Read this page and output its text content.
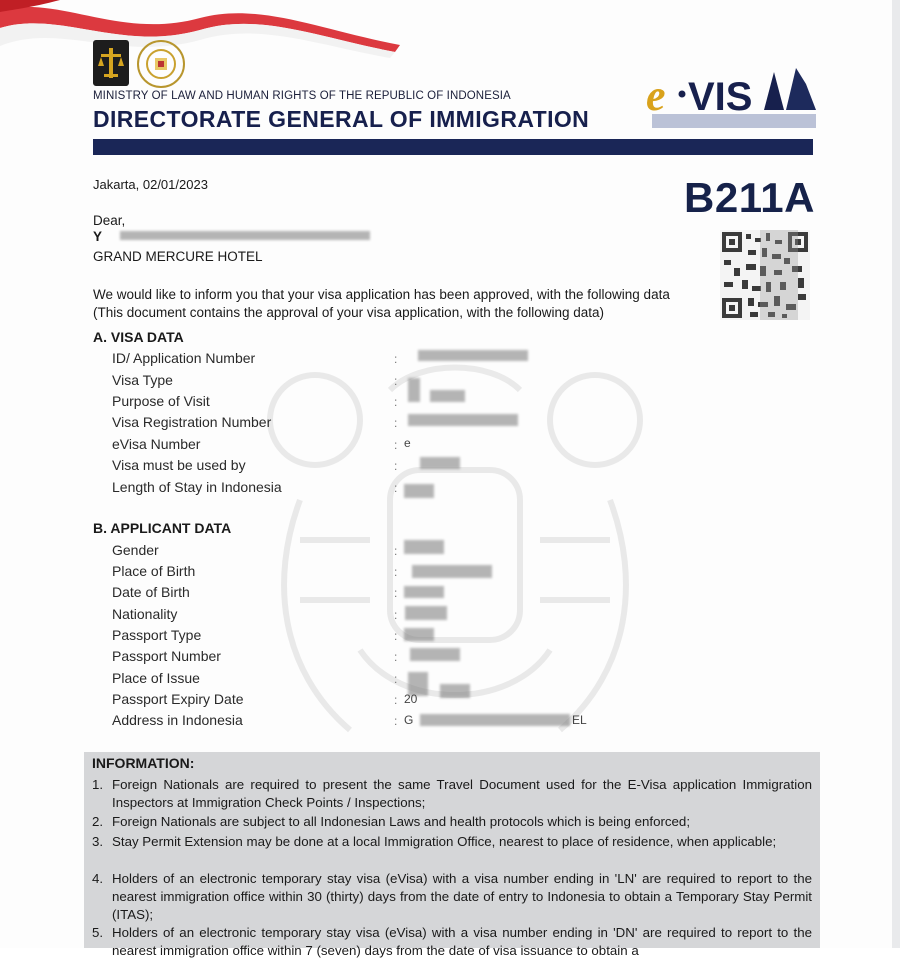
MINISTRY OF LAW AND HUMAN RIGHTS OF THE REPUBLIC OF INDONESIA
DIRECTORATE GENERAL OF IMMIGRATION e VIS
Jakarta, 02/01/2023	B211A
Dear,
Y
GRAND MERCURE HOTEL
We would like to inform you that your visa application has been approved, with the following data
(This document contains the approval of your visa application, with the following data)
A. VISA DATA
ID/ Application Number
Visa Type
Purpose of Visit
Visa Registration Number
eVisa Number
Visa must be used by
Length of Stay in Indonesia
e
B. APPLICANT DATA
Gender
Place of Birth
Date of Birth
Nationality
Passport Type
Passport Number
Place of Issue
Passport Expiry Date
Address in Indonesia
20
G	EL
:
:
:
:
:
:
:
:
:
:
:
:
:
:
:
:
INFORMATION:
1. Foreign Nationals are required to present the same Travel Document used for the E-Visa application Immigration Inspectors at Immigration Check Points / Inspections;
2. Foreign Nationals are subject to all Indonesian Laws and health protocols which is being enforced;
3. Stay Permit Extension may be done at a local Immigration Office, nearest to place of residence, when applicable;
4. Holders of an electronic temporary stay visa (eVisa) with a visa number ending in 'LN' are required to report to the nearest immigration office within 30 (thirty) days from the date of entry to Indonesia to obtain a Temporary Stay Permit (ITAS);
5. Holders of an electronic temporary stay visa (eVisa) with a visa number ending in 'DN' are required to report to the nearest immigration office within 7 (seven) days from the date of visa issuance to obtain a
